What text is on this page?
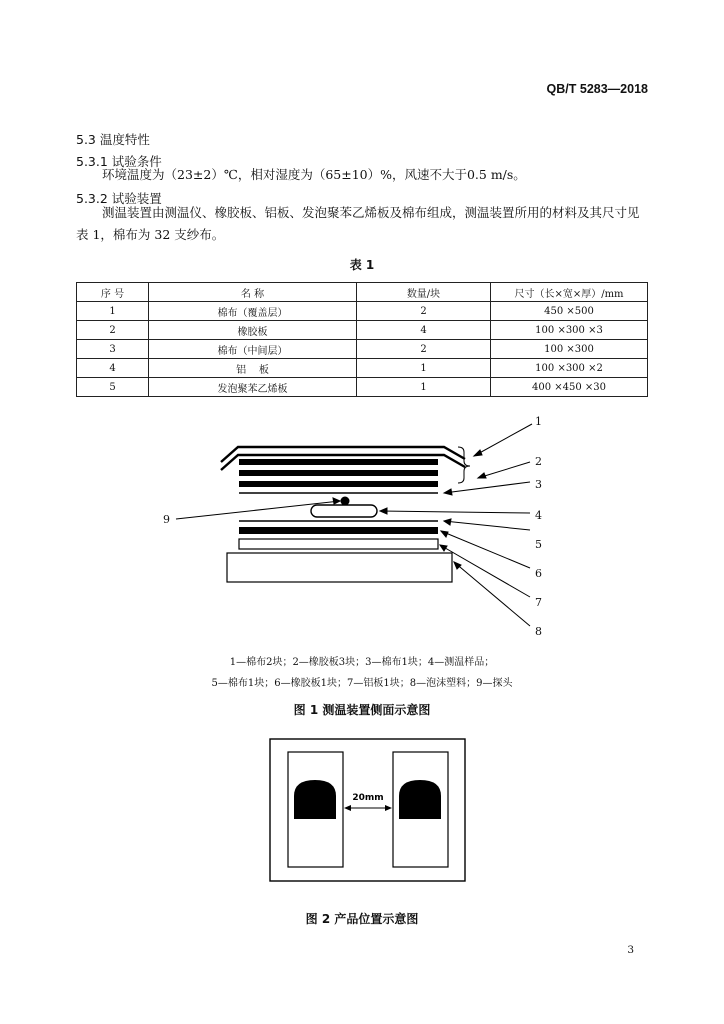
QB/T 5283—2018
5.3 温度特性
5.3.1 试验条件
环境温度为（23±2）℃，相对湿度为（65±10）%，风速不大于0.5 m/s。
5.3.2 试验装置
测温装置由测温仪、橡胶板、铝板、发泡聚苯乙烯板及棉布组成，测温装置所用的材料及其尺寸见表 1，棉布为 32 支纱布。
表 1
序 号	名 称	数量/块	尺寸（长×宽×厚）/mm
1	棉布（覆盖层）	2	450 ×500
2	橡胶板	4	100 ×300 ×3
3	棉布（中间层）	2	100 ×300
4	铝    板	1	100 ×300 ×2
5	发泡聚苯乙烯板	1	400 ×450 ×30
1
2
3
4
5
6
7
8
9
1—棉布2块；2—橡胶板3块；3—棉布1块；4—测温样品；
5—棉布1块；6—橡胶板1块；7—铝板1块；8—泡沫塑料；9—探头
图 1 测温装置侧面示意图
20mm
图 2 产品位置示意图
3
